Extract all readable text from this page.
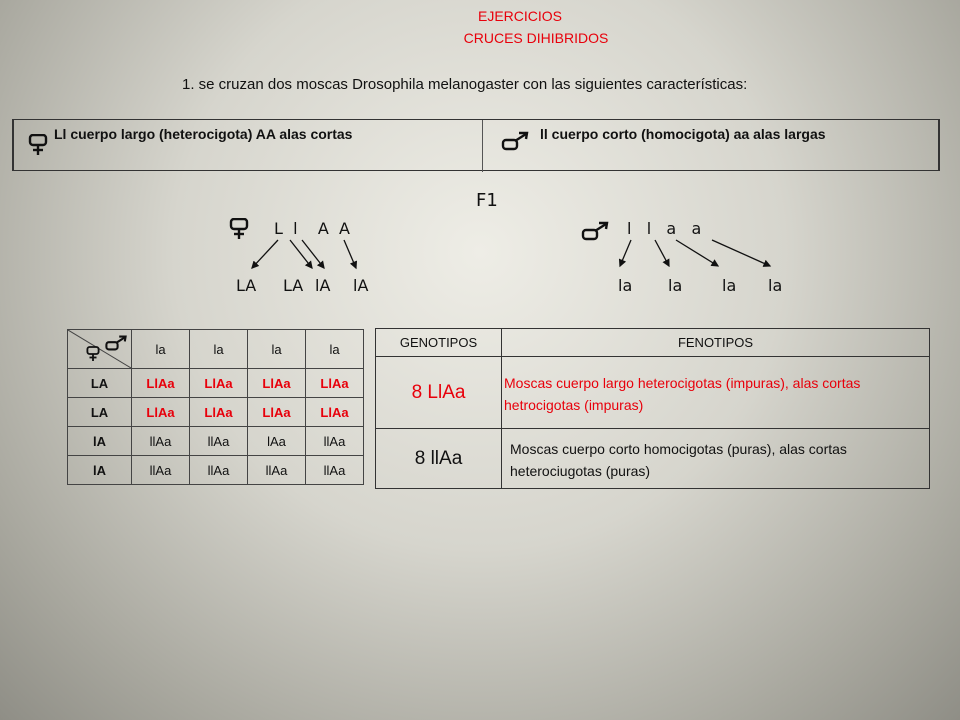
EJERCICIOS
CRUCES DIHIBRIDOS
1. se cruzan dos moscas Drosophila melanogaster con las siguientes características:
Ll cuerpo largo (heterocigota) AA alas cortas	ll cuerpo corto (homocigota) aa alas largas
F1
L  l    A  A
LA LA lA lA
l   l   a   a
la la la la
	la	la	la	la
LA	LlAa	LlAa	LlAa	LlAa
LA	LlAa	LlAa	LlAa	LlAa
lA	llAa	llAa	lAa	llAa
lA	llAa	llAa	llAa	llAa
GENOTIPOS	FENOTIPOS
8 LlAa	Moscas cuerpo largo heterocigotas (impuras), alas cortas hetrocigotas (impuras)
8 llAa	Moscas cuerpo corto homocigotas (puras), alas cortas heterociugotas (puras)
